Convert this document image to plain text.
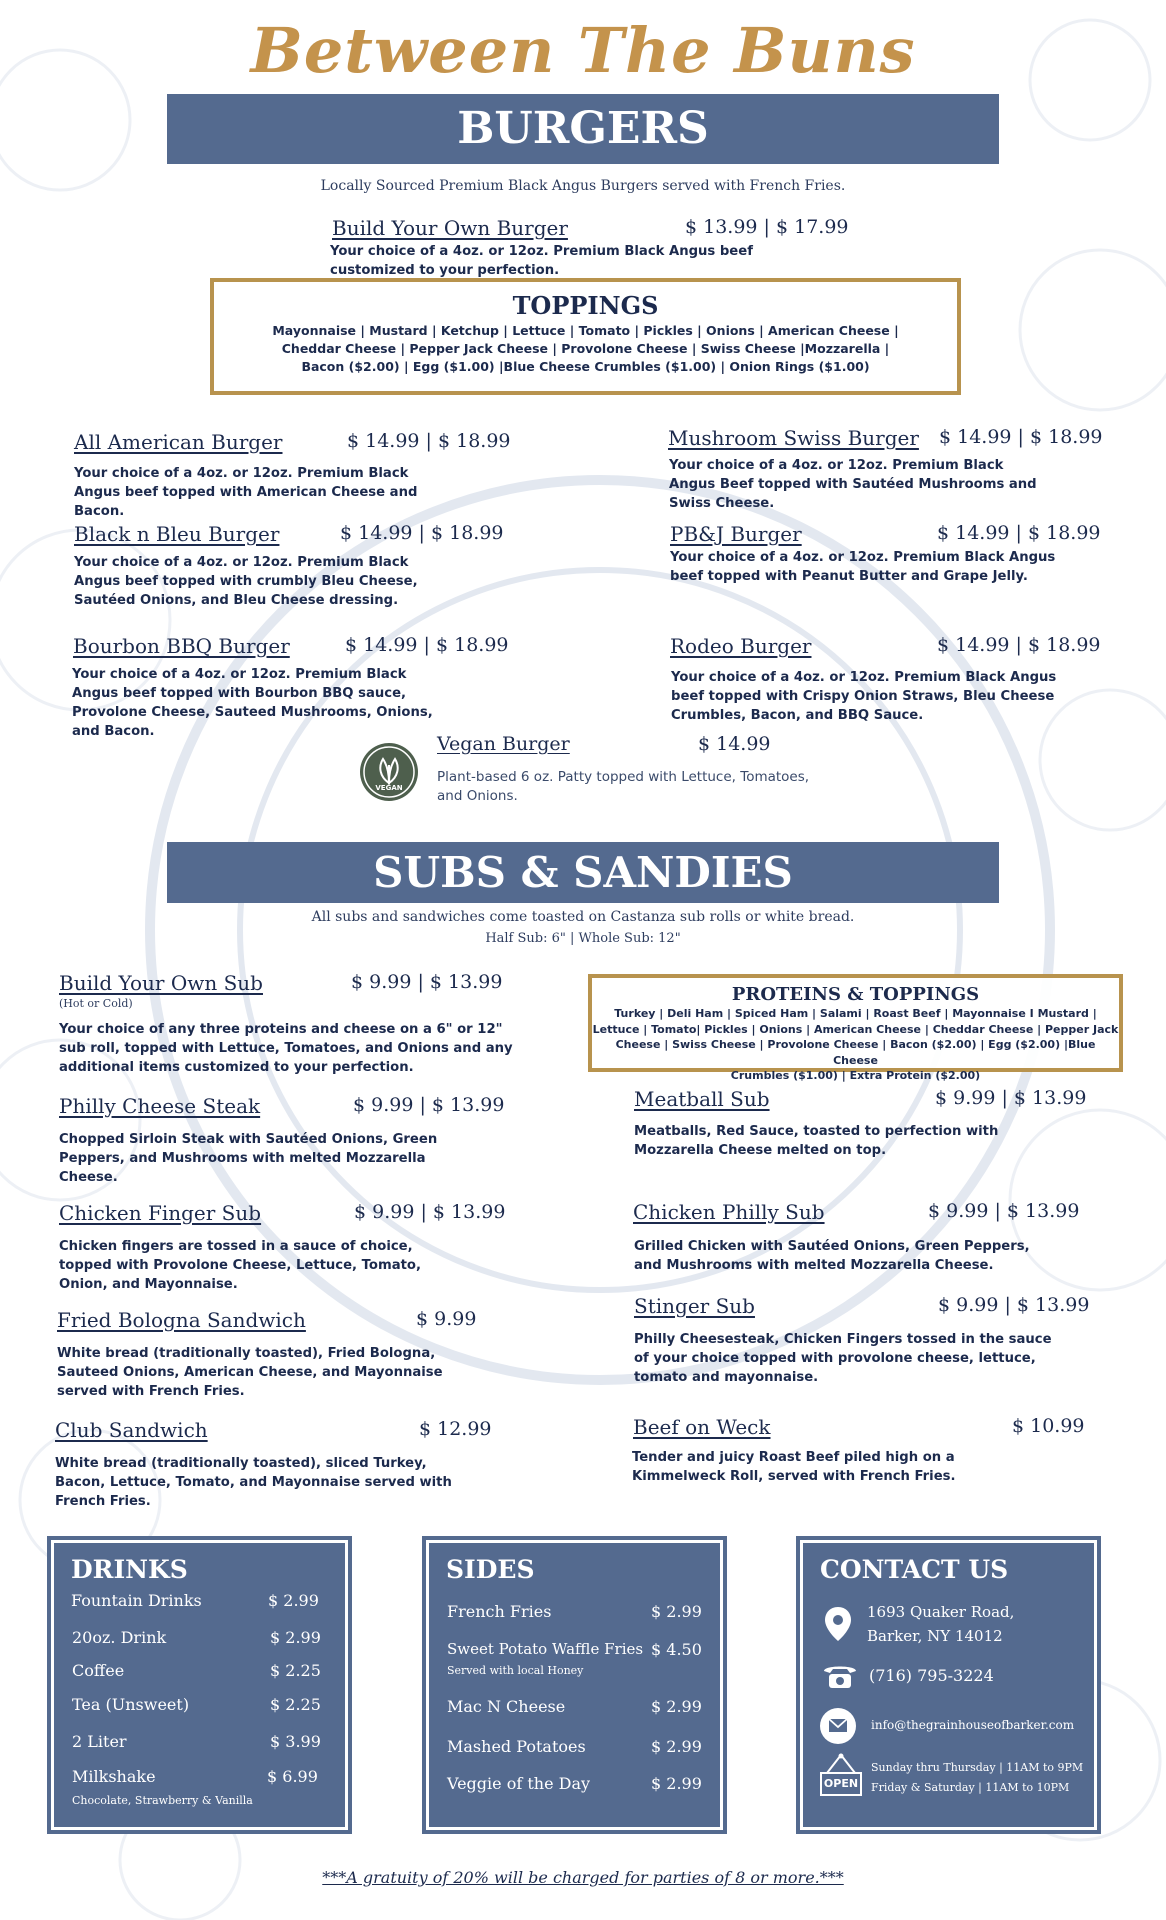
Between The Buns
BURGERS
Locally Sourced Premium Black Angus Burgers served with French Fries.
Build Your Own Burger	$ 13.99 | $ 17.99
Your choice of a 4oz. or 12oz. Premium Black Angus beef customized to your perfection.
TOPPINGS
Mayonnaise | Mustard | Ketchup | Lettuce | Tomato | Pickles | Onions | American Cheese |
Cheddar Cheese | Pepper Jack Cheese | Provolone Cheese | Swiss Cheese |Mozzarella |
Bacon ($2.00) | Egg ($1.00) |Blue Cheese Crumbles ($1.00) | Onion Rings ($1.00)
All American Burger	$ 14.99 | $ 18.99
Your choice of a 4oz. or 12oz. Premium Black Angus beef topped with American Cheese and Bacon.
Mushroom Swiss Burger $ 14.99 | $ 18.99
Your choice of a 4oz. or 12oz. Premium Black Angus Beef topped with Sautéed Mushrooms and Swiss Cheese.
Black n Bleu Burger	$ 14.99 | $ 18.99
Your choice of a 4oz. or 12oz. Premium Black Angus beef topped with crumbly Bleu Cheese, Sautéed Onions, and Bleu Cheese dressing.
PB&J Burger	$ 14.99 | $ 18.99
Your choice of a 4oz. or 12oz. Premium Black Angus beef topped with Peanut Butter and Grape Jelly.
Bourbon BBQ Burger	$ 14.99 | $ 18.99
Your choice of a 4oz. or 12oz. Premium Black Angus beef topped with Bourbon BBQ sauce, Provolone Cheese, Sauteed Mushrooms, Onions, and Bacon.
Rodeo Burger	$ 14.99 | $ 18.99
Your choice of a 4oz. or 12oz. Premium Black Angus beef topped with Crispy Onion Straws, Bleu Cheese Crumbles, Bacon, and BBQ Sauce.
VEGAN
Vegan Burger	$ 14.99
Plant-based 6 oz. Patty topped with Lettuce, Tomatoes, and Onions.
SUBS & SANDIES
All subs and sandwiches come toasted on Castanza sub rolls or white bread.
Half Sub: 6" | Whole Sub: 12"
Build Your Own Sub
(Hot or Cold)
$ 9.99 | $ 13.99
Your choice of any three proteins and cheese on a 6" or 12" sub roll, topped with Lettuce, Tomatoes, and Onions and any additional items customized to your perfection.
PROTEINS & TOPPINGS
Turkey | Deli Ham | Spiced Ham | Salami | Roast Beef | Mayonnaise I Mustard |
Lettuce | Tomato| Pickles | Onions | American Cheese | Cheddar Cheese | Pepper Jack
Cheese | Swiss Cheese | Provolone Cheese | Bacon ($2.00) | Egg ($2.00) |Blue Cheese
Crumbles ($1.00) | Extra Protein ($2.00)
Philly Cheese Steak	$ 9.99 | $ 13.99
Chopped Sirloin Steak with Sautéed Onions, Green Peppers, and Mushrooms with melted Mozzarella Cheese.
Meatball Sub	$ 9.99 | $ 13.99
Meatballs, Red Sauce, toasted to perfection with Mozzarella Cheese melted on top.
Chicken Finger Sub	$ 9.99 | $ 13.99
Chicken fingers are tossed in a sauce of choice, topped with Provolone Cheese, Lettuce, Tomato, Onion, and Mayonnaise.
Chicken Philly Sub	$ 9.99 | $ 13.99
Grilled Chicken with Sautéed Onions, Green Peppers, and Mushrooms with melted Mozzarella Cheese.
Fried Bologna Sandwich	$ 9.99
White bread (traditionally toasted), Fried Bologna, Sauteed Onions, American Cheese, and Mayonnaise served with French Fries.
Stinger Sub	$ 9.99 | $ 13.99
Philly Cheesesteak, Chicken Fingers tossed in the sauce of your choice topped with provolone cheese, lettuce, tomato and mayonnaise.
Club Sandwich	$ 12.99
White bread (traditionally toasted), sliced Turkey, Bacon, Lettuce, Tomato, and Mayonnaise served with French Fries.
Beef on Weck	$ 10.99
Tender and juicy Roast Beef piled high on a Kimmelweck Roll, served with French Fries.
DRINKS
Fountain Drinks	$ 2.99
20oz. Drink	$ 2.99
Coffee	$ 2.25
Tea (Unsweet)	$ 2.25
2 Liter	$ 3.99
Milkshake	$ 6.99
Chocolate, Strawberry & Vanilla
SIDES
French Fries	$ 2.99
Sweet Potato Waffle Fries $ 4.50
Served with local Honey
Mac N Cheese	$ 2.99
Mashed Potatoes	$ 2.99
Veggie of the Day	$ 2.99
CONTACT US
1693 Quaker Road,
Barker, NY 14012
(716) 795-3224
info@thegrainhouseofbarker.com
OPEN
Sunday thru Thursday | 11AM to 9PM
Friday & Saturday | 11AM to 10PM
***A gratuity of 20% will be charged for parties of 8 or more.***
